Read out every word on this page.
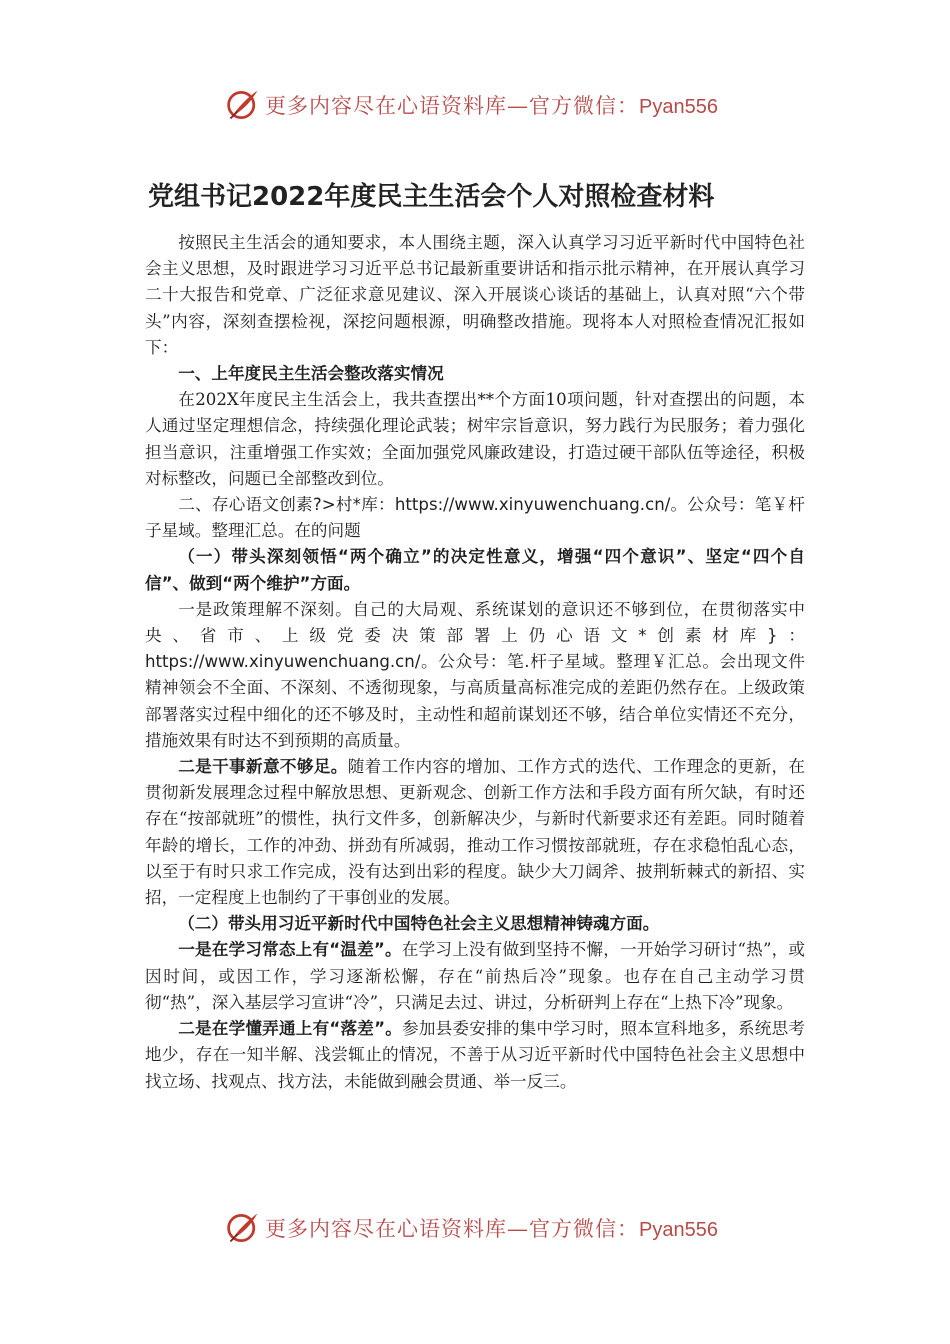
更多内容尽在心语资料库—官方微信：Pyan556
党组书记2022年度民主生活会个人对照检查材料

按照民主生活会的通知要求，本人围绕主题，深入认真学习习近平新时代中国特色社会主义思想，及时跟进学习习近平总书记最新重要讲话和指示批示精神，在开展认真学习二十大报告和党章、广泛征求意见建议、深入开展谈心谈话的基础上，认真对照“六个带头”内容，深刻查摆检视，深挖问题根源，明确整改措施。现将本人对照检查情况汇报如下：

一、上年度民主生活会整改落实情况

在202X年度民主生活会上，我共查摆出**个方面10项问题，针对查摆出的问题，本人通过坚定理想信念，持续强化理论武装；树牢宗旨意识，努力践行为民服务；着力强化担当意识，注重增强工作实效；全面加强党风廉政建设，打造过硬干部队伍等途径，积极对标整改，问题已全部整改到位。

二、存心语文创素?>村*库：https://www.xinyuwenchuang.cn/。公众号：笔￥杆子星域。整理汇总。在的问题

（一）带头深刻领悟“两个确立”的决定性意义，增强“四个意识”、坚定“四个自信”、做到“两个维护”方面。

一是政策理解不深刻。自己的大局观、系统谋划的意识还不够到位，在贯彻落实中央、省市、上级党委决策部署上仍心语文*创素材库}：https://www.xinyuwenchuang.cn/。公众号：笔.杆子星域。整理￥汇总。会出现文件精神领会不全面、不深刻、不透彻现象，与高质量高标准完成的差距仍然存在。上级政策部署落实过程中细化的还不够及时，主动性和超前谋划还不够，结合单位实情还不充分，措施效果有时达不到预期的高质量。

二是干事新意不够足。随着工作内容的增加、工作方式的迭代、工作理念的更新，在贯彻新发展理念过程中解放思想、更新观念、创新工作方法和手段方面有所欠缺，有时还存在“按部就班”的惯性，执行文件多，创新解决少，与新时代新要求还有差距。同时随着年龄的增长，工作的冲劲、拼劲有所减弱，推动工作习惯按部就班，存在求稳怕乱心态，以至于有时只求工作完成，没有达到出彩的程度。缺少大刀阔斧、披荆斩棘式的新招、实招，一定程度上也制约了干事创业的发展。

（二）带头用习近平新时代中国特色社会主义思想精神铸魂方面。

一是在学习常态上有“温差”。在学习上没有做到坚持不懈，一开始学习研讨“热”，或因时间，或因工作，学习逐渐松懈，存在“前热后冷”现象。也存在自己主动学习贯彻“热”，深入基层学习宣讲“冷”，只满足去过、讲过，分析研判上存在“上热下冷”现象。

二是在学懂弄通上有“落差”。参加县委安排的集中学习时，照本宣科地多，系统思考地少，存在一知半解、浅尝辄止的情况，不善于从习近平新时代中国特色社会主义思想中找立场、找观点、找方法，未能做到融会贯通、举一反三。

更多内容尽在心语资料库—官方微信：Pyan556
